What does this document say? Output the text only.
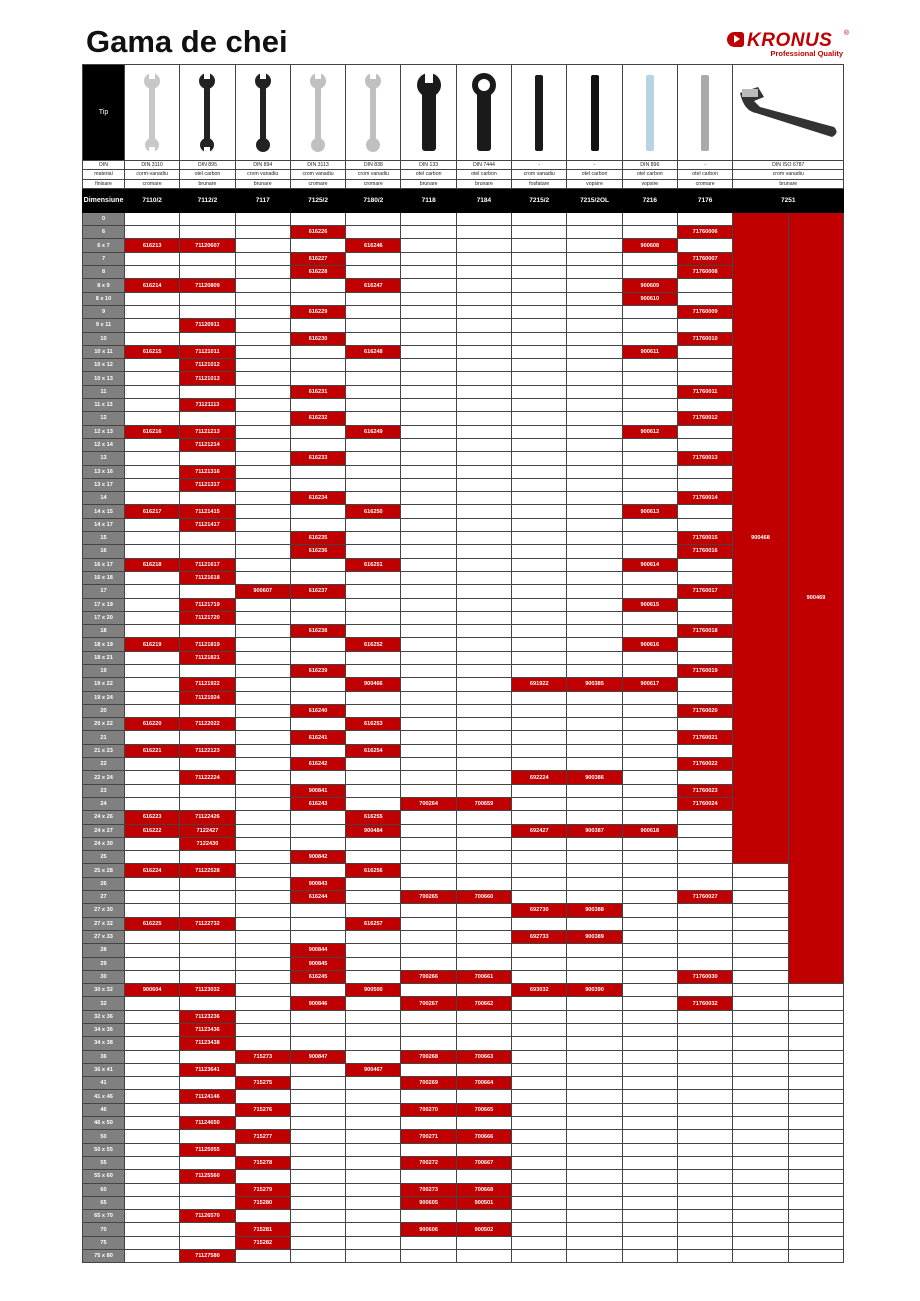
Gama de chei	KRONUS ®
Professional Quality
Tip	

DIN	DIN 3110	DIN 895	DIN 894	DIN 3113	DIN 838	DIN 133	DIN 7444	-	-	DIN 896	-	DIN ISO 6787	
material	corm-vanadiu	otel carbon	crom vanadiu	crom vanadiu	crom vanadiu	otel carbon	otel carbon	crom vanadiu	otel carbon	otel carbon	otel carbon	crom vanadiu	
finisare	cromare	brunare	brunare	cromare	cromare	brunare	brunare	fosfatare	vopsire	vopsire	cromare	brunare	
Dimensiune	7110/2	7112/2	7117	7125/2	7180/2	7118	7184	7215/2	7215/2OL	7216	7176	7251	
0												900468	900469
6				616226							71760006		
6 x 7	616213	71120607			616246					900608			
7				616227							71760007		
8				616228							71760008		
8 x 9	616214	71120809			616247					900609			
8 x 10										900610			
9				616229							71760009		
9 x 11		71120911											
10				616230							71760010		
10 x 11	616215	71121011			616248					900611			
10 x 12		71121012											
10 x 13		71121013											
11				616231							71760011		
11 x 13		71121113											
12				616232							71760012		
12 x 13	616216	71121213			616249					900612			
12 x 14		71121214											
13				616233							71760013		
13 x 16		71121316											
13 x 17		71121317											
14				616234							71760014		
14 x 15	616217	71121415			616250					900613			
14 x 17		71121417											
15				616235							71760015		
16				616236							71760016		
16 x 17	616218	71121617			616251					900614			
16 x 18		71121618											
17			900607	616237							71760017		
17 x 19		71121719								900615			
17 x 20		71121720											
18				616238							71760018		
18 x 19	616219	71121819			616252					900616			
18 x 21		71121821											
19				616239							71760019		
19 x 22		71121922			900466			691922	900385	900617			
19 x 24		71121924											
20				616240							71760020		
20 x 22	616220	71122022			616253								
21				616241							71760021		
21 x 23	616221	71122123			616254								
22				616242							71760022		
22 x 24		71122224						692224	900386				
23				900841							71760023		
24				616243		700264	700659				71760024		
24 x 26	616223	71122426			616255								
24 x 27	616222	7122427			900484			692427	900387	900618			
24 x 30		7122430											
25				900842									
25 x 28	616224	71122528			616256								
26				900843									
27				616244		700265	700660				71760027		
27 x 30								692730	900388				
27 x 32	616225	71122732			616257								
27 x 33								692733	900389				
28				900844									
29				900845									
30				616245		700266	700661				71760030		
30 x 32	900604	71123032			900500			693032	900390				
32				900846		700267	700662				71760032		
32 x 36		71123236											
34 x 36		71123436											
34 x 38		71123438											
36			715273	900847		700268	700663						
36 x 41		71123641			900467								
41			715275			700269	700664						
41 x 46		71124146											
46			715276			700270	700665						
46 x 50		71124650											
50			715277			700271	700666						
50 x 55		71125055											
55			715278			700272	700667						
55 x 60		71125560											
60			715279			700273	700668						
65			715280			900605	900501						
65 x 70		71126570											
70			715281			900606	900502						
75			715282										
75 x 80		71127580											
